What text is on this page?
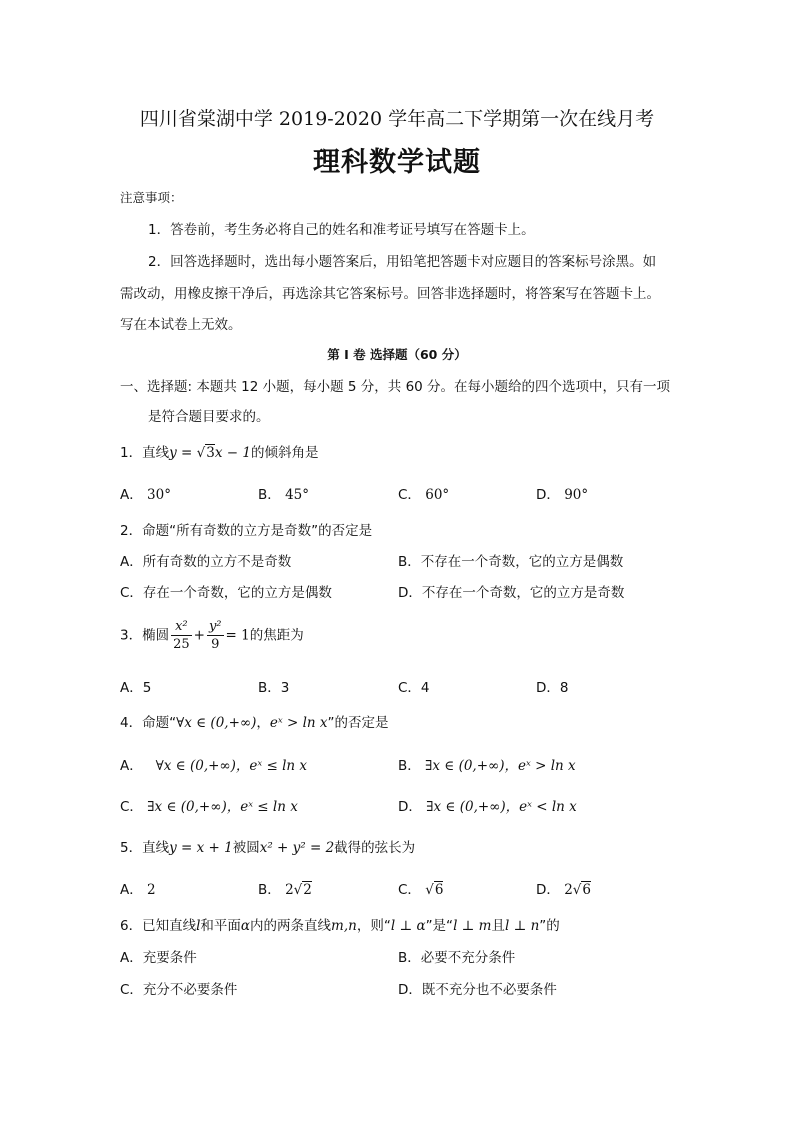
四川省棠湖中学 2019-2020 学年高二下学期第一次在线月考
理科数学试题
注意事项：
1．答卷前，考生务必将自己的姓名和准考证号填写在答题卡上。
2．回答选择题时，选出每小题答案后，用铅笔把答题卡对应题目的答案标号涂黑。如
需改动，用橡皮擦干净后，再选涂其它答案标号。回答非选择题时，将答案写在答题卡上。
写在本试卷上无效。
第 I 卷 选择题（60 分）
一、选择题: 本题共 12 小题，每小题 5 分，共 60 分。在每小题给的四个选项中，只有一项
是符合题目要求的。
1．直线y = √3x − 1的倾斜角是
A． 30°	B． 45°	C． 60°	D． 90°
2．命题“所有奇数的立方是奇数”的否定是
A．所有奇数的立方不是奇数	B．不存在一个奇数，它的立方是偶数
C．存在一个奇数，它的立方是偶数	D．不存在一个奇数，它的立方是奇数
3．椭圆 $\frac{\text{x²}}{25} + \frac{\text{y²}}{9} = 1$的焦距为
A．5	B．3	C．4	D．8
4．命题“∀x ∈ (0,+∞)，eˣ > ln x”的否定是
A． ∀x ∈ (0,+∞)，eˣ ≤ ln x	B． ∃x ∈ (0,+∞)，eˣ > ln x
C． ∃x ∈ (0,+∞)，eˣ ≤ ln x	D． ∃x ∈ (0,+∞)，eˣ < ln x
5．直线y = x + 1被圆x² + y² = 2截得的弦长为
A． 2	B． 2√2	C． √6	D． 2√6
6．已知直线l和平面α内的两条直线m,n，则“l ⊥ α”是“l ⊥ m且l ⊥ n”的
A．充要条件	B．必要不充分条件
C．充分不必要条件	D．既不充分也不必要条件
